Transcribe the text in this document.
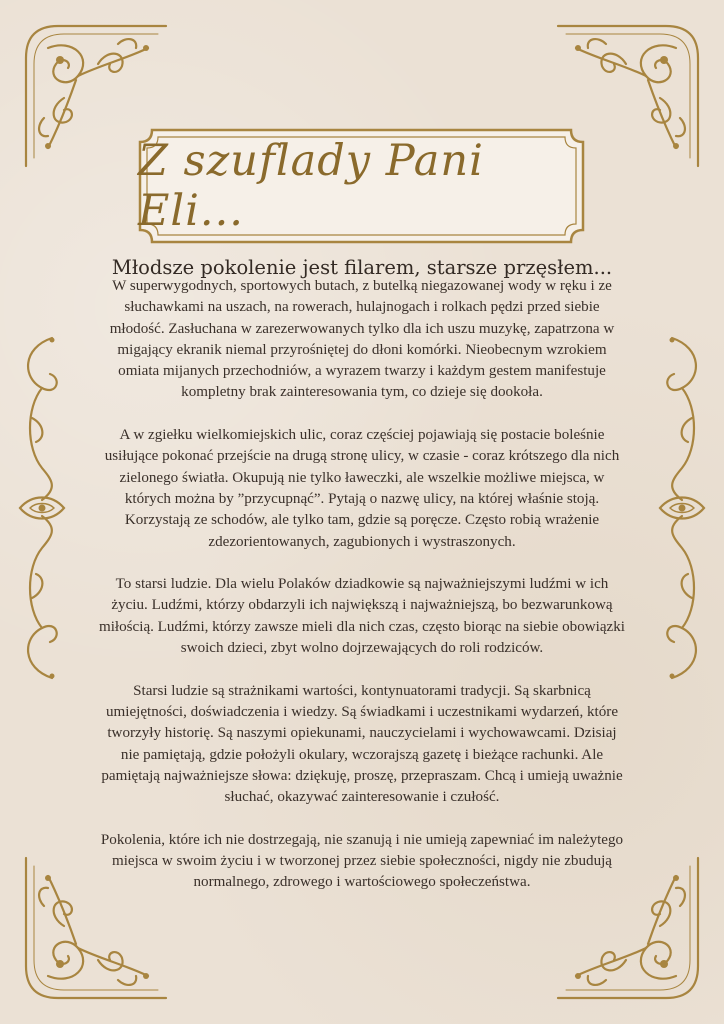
Z szuflady Pani Eli...
Młodsze pokolenie jest filarem, starsze przęsłem...

W superwygodnych, sportowych butach, z butelką niegazowanej wody w ręku i ze słuchawkami na uszach, na rowerach, hulajnogach i rolkach pędzi przed siebie młodość. Zasłuchana w zarezerwowanych tylko dla ich uszu muzykę, zapatrzona w migający ekranik niemal przyrośniętej do dłoni komórki. Nieobecnym wzrokiem omiata mijanych przechodniów, a wyrazem twarzy i każdym gestem manifestuje kompletny brak zainteresowania tym, co dzieje się dookoła.

A w zgiełku wielkomiejskich ulic, coraz częściej pojawiają się postacie boleśnie usiłujące pokonać przejście na drugą stronę ulicy, w czasie - coraz krótszego dla nich zielonego światła. Okupują nie tylko ławeczki, ale wszelkie możliwe miejsca, w których można by ”przycupnąć”. Pytają o nazwę ulicy, na której właśnie stoją. Korzystają ze schodów, ale tylko tam, gdzie są poręcze. Często robią wrażenie zdezorientowanych, zagubionych i wystraszonych.

To starsi ludzie. Dla wielu Polaków dziadkowie są najważniejszymi ludźmi w ich życiu. Ludźmi, którzy obdarzyli ich największą i najważniejszą, bo bezwarunkową miłością. Ludźmi, którzy zawsze mieli dla nich czas, często biorąc na siebie obowiązki swoich dzieci, zbyt wolno dojrzewających do roli rodziców.

Starsi ludzie są strażnikami wartości, kontynuatorami tradycji. Są skarbnicą umiejętności, doświadczenia i wiedzy. Są świadkami i uczestnikami wydarzeń, które tworzyły historię. Są naszymi opiekunami, nauczycielami i wychowawcami. Dzisiaj nie pamiętają, gdzie położyli okulary, wczorajszą gazetę i bieżące rachunki. Ale pamiętają najważniejsze słowa: dziękuję, proszę, przepraszam. Chcą i umieją uważnie słuchać, okazywać zainteresowanie i czułość.

Pokolenia, które ich nie dostrzegają, nie szanują i nie umieją zapewniać im należytego miejsca w swoim życiu i w tworzonej przez siebie społeczności, nigdy nie zbudują normalnego, zdrowego i wartościowego społeczeństwa.
